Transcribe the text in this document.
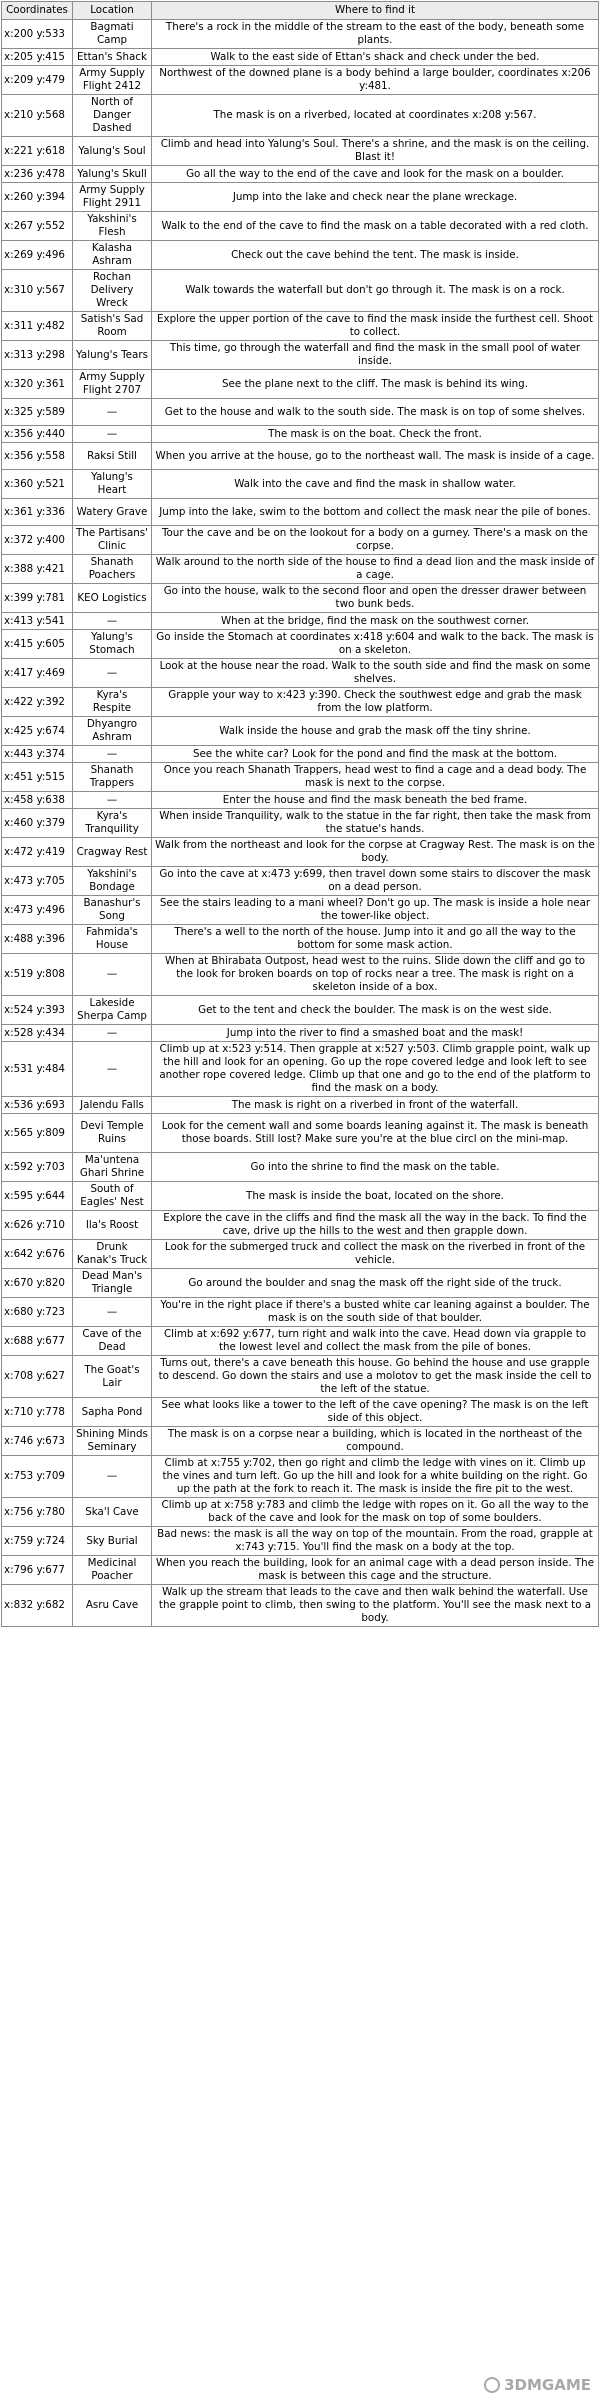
Coordinates	Location	Where to find it
x:200 y:533	Bagmati Camp	There's a rock in the middle of the stream to the east of the body, beneath some plants.
x:205 y:415	Ettan's Shack	Walk to the east side of Ettan's shack and check under the bed.
x:209 y:479	Army Supply Flight 2412	Northwest of the downed plane is a body behind a large boulder, coordinates x:206 y:481.
x:210 y:568	North of Danger Dashed	The mask is on a riverbed, located at coordinates x:208 y:567.
x:221 y:618	Yalung's Soul	Climb and head into Yalung's Soul. There's a shrine, and the mask is on the ceiling. Blast it!
x:236 y:478	Yalung's Skull	Go all the way to the end of the cave and look for the mask on a boulder.
x:260 y:394	Army Supply Flight 2911	Jump into the lake and check near the plane wreckage.
x:267 y:552	Yakshini's Flesh	Walk to the end of the cave to find the mask on a table decorated with a red cloth.
x:269 y:496	Kalasha Ashram	Check out the cave behind the tent. The mask is inside.
x:310 y:567	Rochan Delivery Wreck	Walk towards the waterfall but don't go through it. The mask is on a rock.
x:311 y:482	Satish's Sad Room	Explore the upper portion of the cave to find the mask inside the furthest cell. Shoot to collect.
x:313 y:298	Yalung's Tears	This time, go through the waterfall and find the mask in the small pool of water inside.
x:320 y:361	Army Supply Flight 2707	See the plane next to the cliff. The mask is behind its wing.
x:325 y:589	—	Get to the house and walk to the south side. The mask is on top of some shelves.
x:356 y:440	—	The mask is on the boat. Check the front.
x:356 y:558	Raksi Still	When you arrive at the house, go to the northeast wall. The mask is inside of a cage.
x:360 y:521	Yalung's Heart	Walk into the cave and find the mask in shallow water.
x:361 y:336	Watery Grave	Jump into the lake, swim to the bottom and collect the mask near the pile of bones.
x:372 y:400	The Partisans' Clinic	Tour the cave and be on the lookout for a body on a gurney. There's a mask on the corpse.
x:388 y:421	Shanath Poachers	Walk around to the north side of the house to find a dead lion and the mask inside of a cage.
x:399 y:781	KEO Logistics	Go into the house, walk to the second floor and open the dresser drawer between two bunk beds.
x:413 y:541	—	When at the bridge, find the mask on the southwest corner.
x:415 y:605	Yalung's Stomach	Go inside the Stomach at coordinates x:418 y:604 and walk to the back. The mask is on a skeleton.
x:417 y:469	—	Look at the house near the road. Walk to the south side and find the mask on some shelves.
x:422 y:392	Kyra's Respite	Grapple your way to x:423 y:390. Check the southwest edge and grab the mask from the low platform.
x:425 y:674	Dhyangro Ashram	Walk inside the house and grab the mask off the tiny shrine.
x:443 y:374	—	See the white car? Look for the pond and find the mask at the bottom.
x:451 y:515	Shanath Trappers	Once you reach Shanath Trappers, head west to find a cage and a dead body. The mask is next to the corpse.
x:458 y:638	—	Enter the house and find the mask beneath the bed frame.
x:460 y:379	Kyra's Tranquility	When inside Tranquility, walk to the statue in the far right, then take the mask from the statue's hands.
x:472 y:419	Cragway Rest	Walk from the northeast and look for the corpse at Cragway Rest. The mask is on the body.
x:473 y:705	Yakshini's Bondage	Go into the cave at x:473 y:699, then travel down some stairs to discover the mask on a dead person.
x:473 y:496	Banashur's Song	See the stairs leading to a mani wheel? Don't go up. The mask is inside a hole near the tower-like object.
x:488 y:396	Fahmida's House	There's a well to the north of the house. Jump into it and go all the way to the bottom for some mask action.
x:519 y:808	—	When at Bhirabata Outpost, head west to the ruins. Slide down the cliff and go to the look for broken boards on top of rocks near a tree. The mask is right on a skeleton inside of a box.
x:524 y:393	Lakeside Sherpa Camp	Get to the tent and check the boulder. The mask is on the west side.
x:528 y:434	—	Jump into the river to find a smashed boat and the mask!
x:531 y:484	—	Climb up at x:523 y:514. Then grapple at x:527 y:503. Climb grapple point, walk up the hill and look for an opening. Go up the rope covered ledge and look left to see another rope covered ledge. Climb up that one and go to the end of the platform to find the mask on a body.
x:536 y:693	Jalendu Falls	The mask is right on a riverbed in front of the waterfall.
x:565 y:809	Devi Temple Ruins	Look for the cement wall and some boards leaning against it. The mask is beneath those boards. Still lost? Make sure you're at the blue circl on the mini-map.
x:592 y:703	Ma'untena Ghari Shrine	Go into the shrine to find the mask on the table.
x:595 y:644	South of Eagles' Nest	The mask is inside the boat, located on the shore.
x:626 y:710	Ila's Roost	Explore the cave in the cliffs and find the mask all the way in the back. To find the cave, drive up the hills to the west and then grapple down.
x:642 y:676	Drunk Kanak's Truck	Look for the submerged truck and collect the mask on the riverbed in front of the vehicle.
x:670 y:820	Dead Man's Triangle	Go around the boulder and snag the mask off the right side of the truck.
x:680 y:723	—	You're in the right place if there's a busted white car leaning against a boulder. The mask is on the south side of that boulder.
x:688 y:677	Cave of the Dead	Climb at x:692 y:677, turn right and walk into the cave. Head down via grapple to the lowest level and collect the mask from the pile of bones.
x:708 y:627	The Goat's Lair	Turns out, there's a cave beneath this house. Go behind the house and use grapple to descend. Go down the stairs and use a molotov to get the mask inside the cell to the left of the statue.
x:710 y:778	Sapha Pond	See what looks like a tower to the left of the cave opening? The mask is on the left side of this object.
x:746 y:673	Shining Minds Seminary	The mask is on a corpse near a building, which is located in the northeast of the compound.
x:753 y:709	—	Climb at x:755 y:702, then go right and climb the ledge with vines on it. Climb up the vines and turn left. Go up the hill and look for a white building on the right. Go up the path at the fork to reach it. The mask is inside the fire pit to the west.
x:756 y:780	Ska'l Cave	Climb up at x:758 y:783 and climb the ledge with ropes on it. Go all the way to the back of the cave and look for the mask on top of some boulders.
x:759 y:724	Sky Burial	Bad news: the mask is all the way on top of the mountain. From the road, grapple at x:743 y:715. You'll find the mask on a body at the top.
x:796 y:677	Medicinal Poacher	When you reach the building, look for an animal cage with a dead person inside. The mask is between this cage and the structure.
x:832 y:682	Asru Cave	Walk up the stream that leads to the cave and then walk behind the waterfall. Use the grapple point to climb, then swing to the platform. You'll see the mask next to a body.
3DMGAME
